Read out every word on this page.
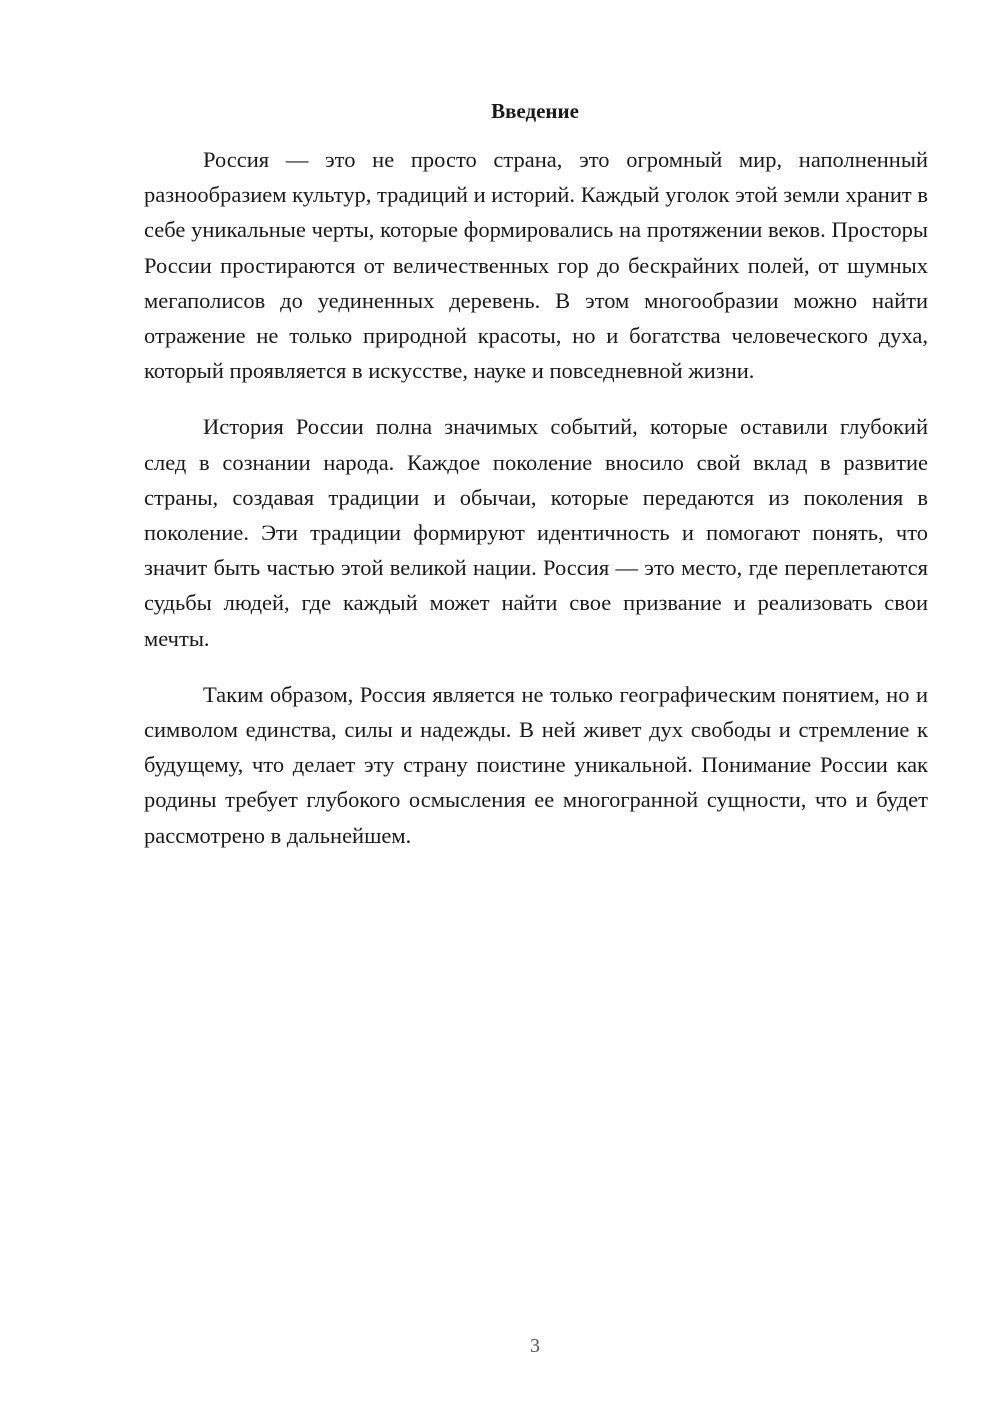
Введение

Россия — это не просто страна, это огромный мир, наполненный разнообразием культур, традиций и историй. Каждый уголок этой земли хранит в себе уникальные черты, которые формировались на протяжении веков. Просторы России простираются от величественных гор до бескрайних полей, от шумных мегаполисов до уединенных деревень. В этом многообразии можно найти отражение не только природной красоты, но и богатства человеческого духа, который проявляется в искусстве, науке и повседневной жизни.

История России полна значимых событий, которые оставили глубокий след в сознании народа. Каждое поколение вносило свой вклад в развитие страны, создавая традиции и обычаи, которые передаются из поколения в поколение. Эти традиции формируют идентичность и помогают понять, что значит быть частью этой великой нации. Россия — это место, где переплетаются судьбы людей, где каждый может найти свое призвание и реализовать свои мечты.

Таким образом, Россия является не только географическим понятием, но и символом единства, силы и надежды. В ней живет дух свободы и стремление к будущему, что делает эту страну поистине уникальной. Понимание России как родины требует глубокого осмысления ее многогранной сущности, что и будет рассмотрено в дальнейшем.

3
